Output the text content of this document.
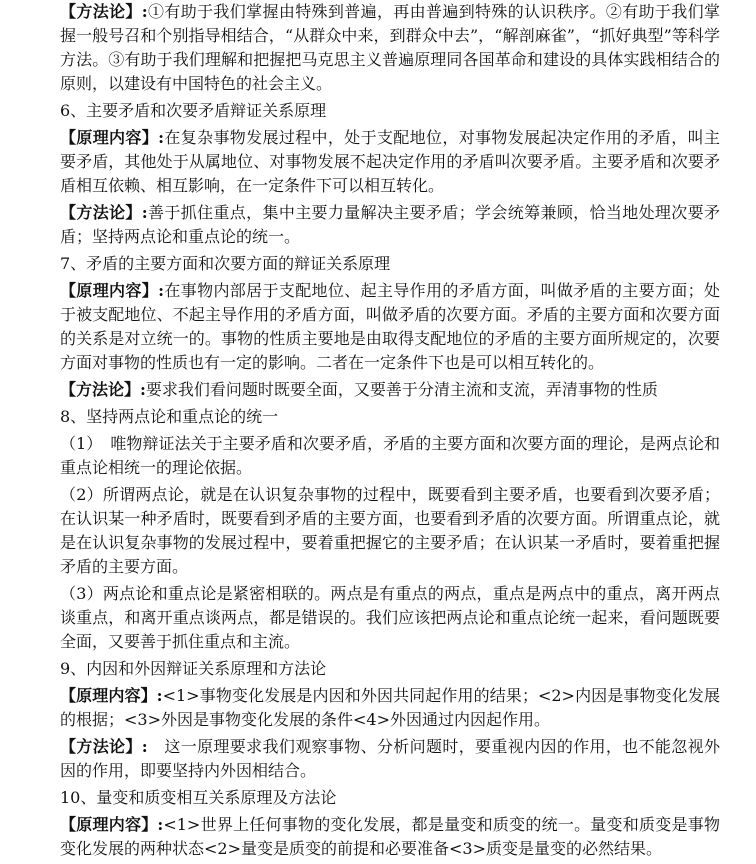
【方法论】:①有助于我们掌握由特殊到普遍，再由普遍到特殊的认识秩序。②有助于我们掌握一般号召和个别指导相结合，“从群众中来，到群众中去”，“解剖麻雀”，“抓好典型”等科学方法。③有助于我们理解和把握把马克思主义普遍原理同各国革命和建设的具体实践相结合的原则，以建设有中国特色的社会主义。

6、主要矛盾和次要矛盾辩证关系原理

【原理内容】:在复杂事物发展过程中，处于支配地位，对事物发展起决定作用的矛盾，叫主要矛盾，其他处于从属地位、对事物发展不起决定作用的矛盾叫次要矛盾。主要矛盾和次要矛盾相互依赖、相互影响，在一定条件下可以相互转化。

【方法论】:善于抓住重点，集中主要力量解决主要矛盾；学会统筹兼顾，恰当地处理次要矛盾；坚持两点论和重点论的统一。

7、矛盾的主要方面和次要方面的辩证关系原理

【原理内容】:在事物内部居于支配地位、起主导作用的矛盾方面，叫做矛盾的主要方面；处于被支配地位、不起主导作用的矛盾方面，叫做矛盾的次要方面。矛盾的主要方面和次要方面的关系是对立统一的。事物的性质主要地是由取得支配地位的矛盾的主要方面所规定的，次要方面对事物的性质也有一定的影响。二者在一定条件下也是可以相互转化的。

【方法论】:要求我们看问题时既要全面，又要善于分清主流和支流，弄清事物的性质

8、坚持两点论和重点论的统一

（1）　唯物辩证法关于主要矛盾和次要矛盾，矛盾的主要方面和次要方面的理论，是两点论和重点论相统一的理论依据。

（2）所谓两点论，就是在认识复杂事物的过程中，既要看到主要矛盾，也要看到次要矛盾；在认识某一种矛盾时，既要看到矛盾的主要方面，也要看到矛盾的次要方面。所谓重点论，就是在认识复杂事物的发展过程中，要着重把握它的主要矛盾；在认识某一矛盾时，要着重把握矛盾的主要方面。

（3）两点论和重点论是紧密相联的。两点是有重点的两点，重点是两点中的重点，离开两点谈重点，和离开重点谈两点，都是错误的。我们应该把两点论和重点论统一起来，看问题既要全面，又要善于抓住重点和主流。

9、内因和外因辩证关系原理和方法论

【原理内容】:<1>事物变化发展是内因和外因共同起作用的结果；<2>内因是事物变化发展的根据；<3>外因是事物变化发展的条件<4>外因通过内因起作用。

【方法论】:　这一原理要求我们观察事物、分析问题时，要重视内因的作用，也不能忽视外因的作用，即要坚持内外因相结合。

10、量变和质变相互关系原理及方法论

【原理内容】:<1>世界上任何事物的变化发展，都是量变和质变的统一。量变和质变是事物变化发展的两种状态<2>量变是质变的前提和必要准备<3>质变是量变的必然结果。
